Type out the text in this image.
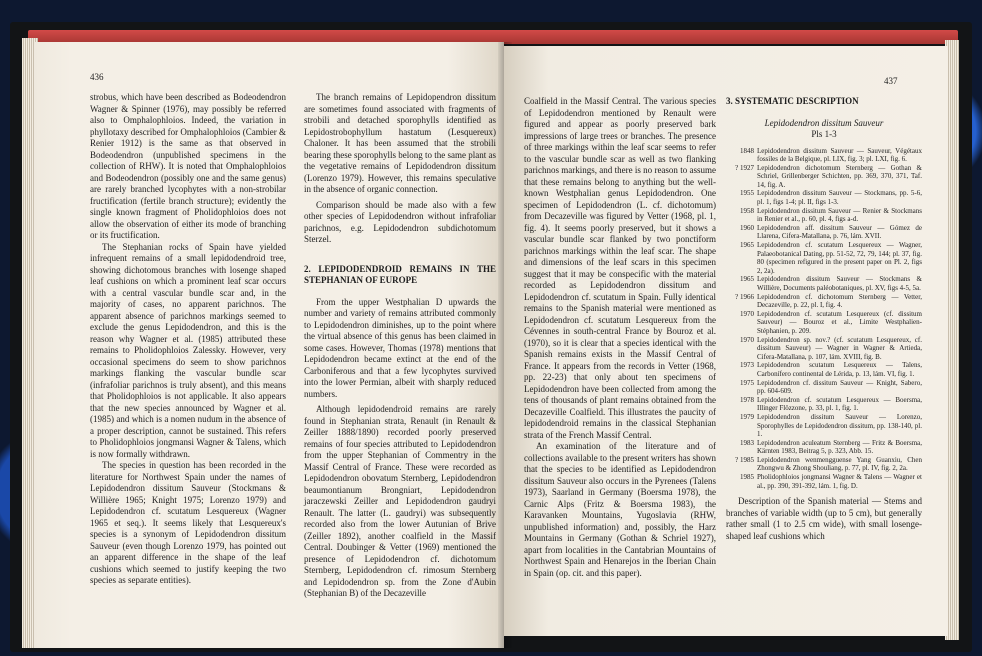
436

strobus, which have been described as Bodeodendron Wagner & Spinner (1976), may possibly be referred also to Omphalophloios. Indeed, the variation in phyllotaxy described for Omphalophloios (Cambier & Renier 1912) is the same as that observed in Bodeodendron (unpublished specimens in the collection of RHW). It is noted that Omphalophloios and Bodeodendron (possibly one and the same genus) are rarely branched lycophytes with a non-strobilar fructification (fertile branch structure); evidently the single known fragment of Pholidophloios does not allow the observation of either its mode of branching or its fructification.

The Stephanian rocks of Spain have yielded infrequent remains of a small lepidodendroid tree, showing dichotomous branches with losenge shaped leaf cushions on which a prominent leaf scar occurs with a central vascular bundle scar and, in the majority of cases, no apparent parichnos. The apparent absence of parichnos markings seemed to exclude the genus Lepidodendron, and this is the reason why Wagner et al. (1985) attributed these remains to Pholidophloios Zalessky. However, very occasional specimens do seem to show parichnos markings flanking the vascular bundle scar (infrafoliar parichnos is truly absent), and this means that Pholidophloios is not applicable. It also appears that the new species announced by Wagner et al. (1985) and which is a nomen nudum in the absence of a proper description, cannot be sustained. This refers to Pholidophloios jongmansi Wagner & Talens, which is now formally withdrawn.

The species in question has been recorded in the literature for Northwest Spain under the names of Lepidodendron dissitum Sauveur (Stockmans & Willière 1965; Knight 1975; Lorenzo 1979) and Lepidodendron cf. scutatum Lesquereux (Wagner 1965 et seq.). It seems likely that Lesquereux's species is a synonym of Lepidodendron dissitum Sauveur (even though Lorenzo 1979, has pointed out an apparent difference in the shape of the leaf cushions which seemed to justify keeping the two species as separate entities).

The branch remains of Lepidopendron dissitum are sometimes found associated with fragments of strobili and detached sporophylls identified as Lepidostrobophyllum hastatum (Lesquereux) Chaloner. It has been assumed that the strobili bearing these sporophylls belong to the same plant as the vegetative remains of Lepidodendron dissitum (Lorenzo 1979). However, this remains speculative in the absence of organic connection.

Comparison should be made also with a few other species of Lepidodendron without infrafoliar parichnos, e.g. Lepidodendron subdichotomum Sterzel.

2. LEPIDODENDROID REMAINS IN THE STEPHANIAN OF EUROPE

From the upper Westphalian D upwards the number and variety of remains attributed commonly to Lepidodendron diminishes, up to the point where the virtual absence of this genus has been claimed in some cases. However, Thomas (1978) mentions that Lepidodendron became extinct at the end of the Carboniferous and that a few lycophytes survived into the lower Permian, albeit with sharply reduced numbers.

Although lepidodendroid remains are rarely found in Stephanian strata, Renault (in Renault & Zeiller 1888/1890) recorded poorly preserved remains of four species attributed to Lepidodendron from the upper Stephanian of Commentry in the Massif Central of France. These were recorded as Lepidodendron obovatum Sternberg, Lepidodendron beaumontianum Brongniart, Lepidodendron jaraczewski Zeiller and Lepidodendron gaudryi Renault. The latter (L. gaudryi) was subsequently recorded also from the lower Autunian of Brive (Zeiller 1892), another coalfield in the Massif Central. Doubinger & Vetter (1969) mentioned the presence of Lepidodendron cf. dichotomum Sternberg, Lepidodendron cf. rimosum Sternberg and Lepidodendron sp. from the Zone d'Aubin (Stephanian B) of the Decazeville

437

Coalfield in the Massif Central. The various species of Lepidodendron mentioned by Renault were figured and appear as poorly preserved bark impressions of large trees or branches. The presence of three markings within the leaf scar seems to refer to the vascular bundle scar as well as two flanking parichnos markings, and there is no reason to assume that these remains belong to anything but the well-known Westphalian genus Lepidodendron. One specimen of Lepidodendron (L. cf. dichotomum) from Decazeville was figured by Vetter (1968, pl. 1, fig. 4). It seems poorly preserved, but it shows a vascular bundle scar flanked by two ponctiform parichnos markings within the leaf scar. The shape and dimensions of the leaf scars in this specimen suggest that it may be conspecific with the material recorded as Lepidodendron dissitum and Lepidodendron cf. scutatum in Spain. Fully identical remains to the Spanish material were mentioned as Lepidodendron cf. scutatum Lesquereux from the Cévennes in south-central France by Bouroz et al. (1970), so it is clear that a species identical with the Spanish remains exists in the Massif Central of France. It appears from the records in Vetter (1968, pp. 22-23) that only about ten specimens of Lepidodendron have been collected from among the tens of thousands of plant remains obtained from the Decazeville Coalfield. This illustrates the paucity of lepidodendroid remains in the classical Stephanian strata of the French Massif Central.

An examination of the literature and of collections available to the present writers has shown that the species to be identified as Lepidodendron dissitum Sauveur also occurs in the Pyrenees (Talens 1973), Saarland in Germany (Boersma 1978), the Carnic Alps (Fritz & Boersma 1983), the Karavanken Mountains, Yugoslavia (RHW, unpublished information) and, possibly, the Harz Mountains in Germany (Gothan & Schriel 1927), apart from localities in the Cantabrian Mountains of Northwest Spain and Henarejos in the Iberian Chain in Spain (op. cit. and this paper).

3. SYSTEMATIC DESCRIPTION

Lepidodendron dissitum Sauveur

Pls 1-3

1848 Lepidodendron dissitum Sauveur — Sauveur, Végétaux fossiles de la Belgique, pl. LIX, fig. 3; pl. LXI, fig. 6.
? 1927 Lepidodendron dichotomum Sternberg — Gothan & Schriel, Grillenberger Schichten, pp. 369, 370, 371, Taf. 14, fig. A.
1955 Lepidodendron dissitum Sauveur — Stockmans, pp. 5-6, pl. 1, figs 1-4; pl. II, figs 1-3.
1958 Lepidodendron dissitum Sauveur — Renier & Stockmans in Renier et al., p. 60, pl. 4, figs a-d.
1960 Lepidodendron aff. dissitum Sauveur — Gómez de Llarena, Cifera-Matallana, p. 76, lám. XVII.
1965 Lepidodendron cf. scutatum Lesquereux — Wagner, Palaeobotanical Dating, pp. 51-52, 72, 79, 144; pl. 37, fig. 80 (specimen refigured in the present paper on Pl. 2, figs 2, 2a).
1965 Lepidodendron dissitum Sauveur — Stockmans & Willière, Documents paléobotaniques, pl. XV, figs 4-5, 5a.
? 1966 Lepidodendron cf. dichotomum Sternberg — Vetter, Decazeville, p. 22, pl. I, fig. 4.
1970 Lepidodendron cf. scutatum Lesquereux (cf. dissitum Sauveur) — Bouroz et al., Limite Westphalien-Stéphanien, p. 209.
1970 Lepidodendron sp. nov.? (cf. scutatum Lesquereux, cf. dissitum Sauveur) — Wagner in Wagner & Artieda, Cifera-Matallana, p. 107, lám. XVIII, fig. B.
1973 Lepidodendron scutatum Lesquereux — Talens, Carbonífero continental de Lérida, p. 13, lám. VI, fig. 1.
1975 Lepidodendron cf. dissitum Sauveur — Knight, Sabero, pp. 604-609.
1978 Lepidodendron cf. scutatum Lesquereux — Boersma, Illinger Flözzone, p. 33, pl. 1, fig. 1.
1979 Lepidodendron dissitum Sauveur — Lorenzo, Sporophylles de Lepidodendron dissitum, pp. 138-140, pl. 1.
1983 Lepidodendron aculeatum Sternberg — Fritz & Boersma, Kärnten 1983, Beitrag 5, p. 323, Abb. 15.
? 1985 Lepidodendron wenmengguense Yang Guanxiu, Chen Zhongwu & Zhong Shouliang, p. 77, pl. IV, fig. 2, 2a.
1985 Pholidophloios jongmansi Wagner & Talens — Wagner et al., pp. 390, 391-392, lám. 1, fig. D.

Description of the Spanish material — Stems and branches of variable width (up to 5 cm), but generally rather small (1 to 2.5 cm wide), with small losenge-shaped leaf cushions which
